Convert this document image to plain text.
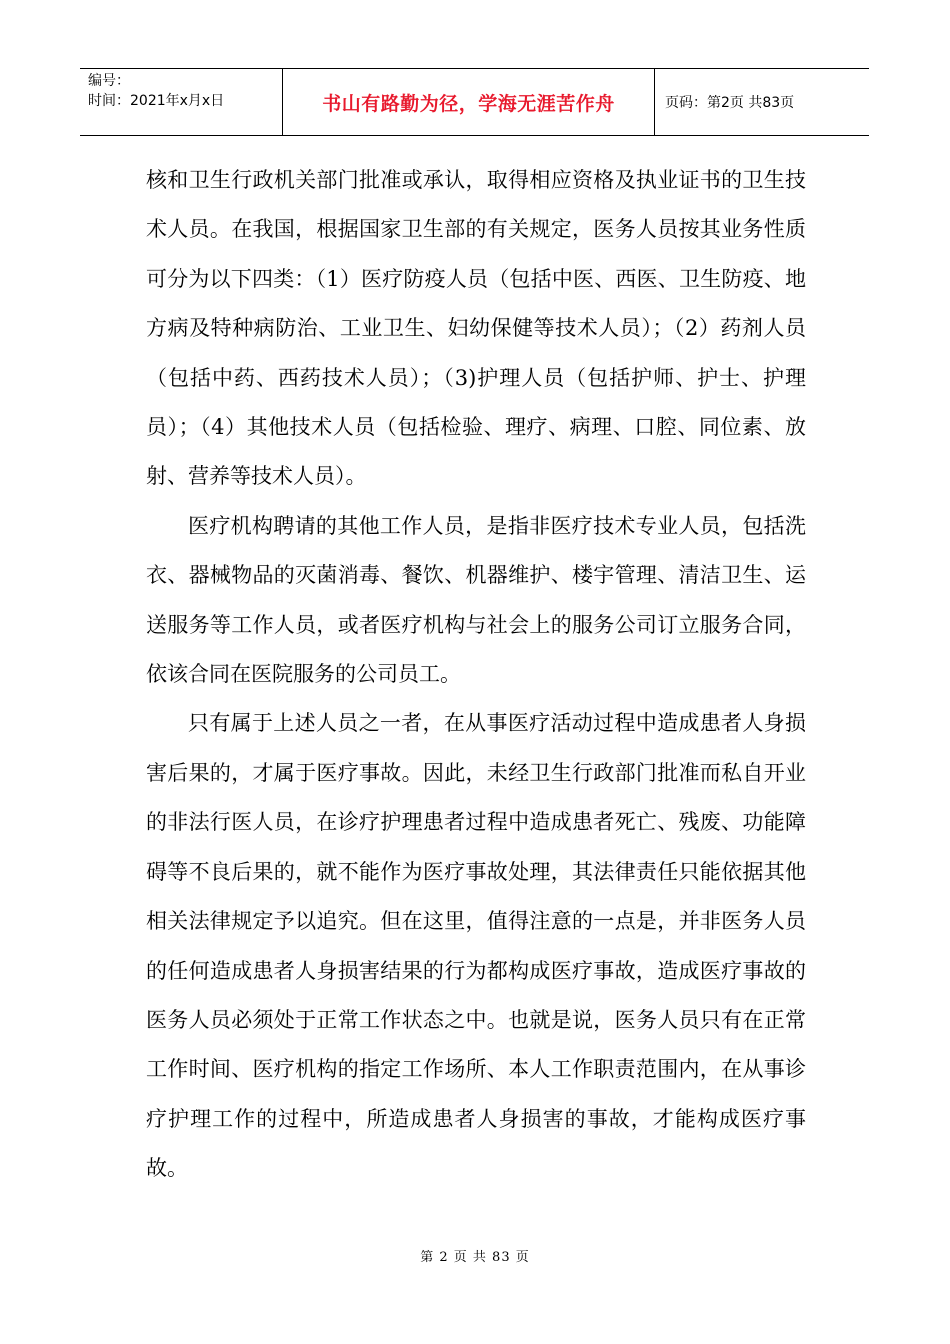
编号：
时间：2021年x月x日	书山有路勤为径，学海无涯苦作舟	页码：第2页 共83页

核和卫生行政机关部门批准或承认，取得相应资格及执业证书的卫生技术人员。在我国，根据国家卫生部的有关规定，医务人员按其业务性质可分为以下四类：（1）医疗防疫人员（包括中医、西医、卫生防疫、地方病及特种病防治、工业卫生、妇幼保健等技术人员）；（2）药剂人员（包括中药、西药技术人员）；（3)护理人员（包括护师、护士、护理员）；（4）其他技术人员（包括检验、理疗、病理、口腔、同位素、放射、营养等技术人员）。

医疗机构聘请的其他工作人员，是指非医疗技术专业人员，包括洗衣、器械物品的灭菌消毒、餐饮、机器维护、楼宇管理、清洁卫生、运送服务等工作人员，或者医疗机构与社会上的服务公司订立服务合同，依该合同在医院服务的公司员工。

只有属于上述人员之一者，在从事医疗活动过程中造成患者人身损害后果的，才属于医疗事故。因此，未经卫生行政部门批准而私自开业的非法行医人员，在诊疗护理患者过程中造成患者死亡、残废、功能障碍等不良后果的，就不能作为医疗事故处理，其法律责任只能依据其他相关法律规定予以追究。但在这里，值得注意的一点是，并非医务人员的任何造成患者人身损害结果的行为都构成医疗事故，造成医疗事故的医务人员必须处于正常工作状态之中。也就是说，医务人员只有在正常工作时间、医疗机构的指定工作场所、本人工作职责范围内，在从事诊疗护理工作的过程中，所造成患者人身损害的事故，才能构成医疗事故。

第 2 页 共 83 页
